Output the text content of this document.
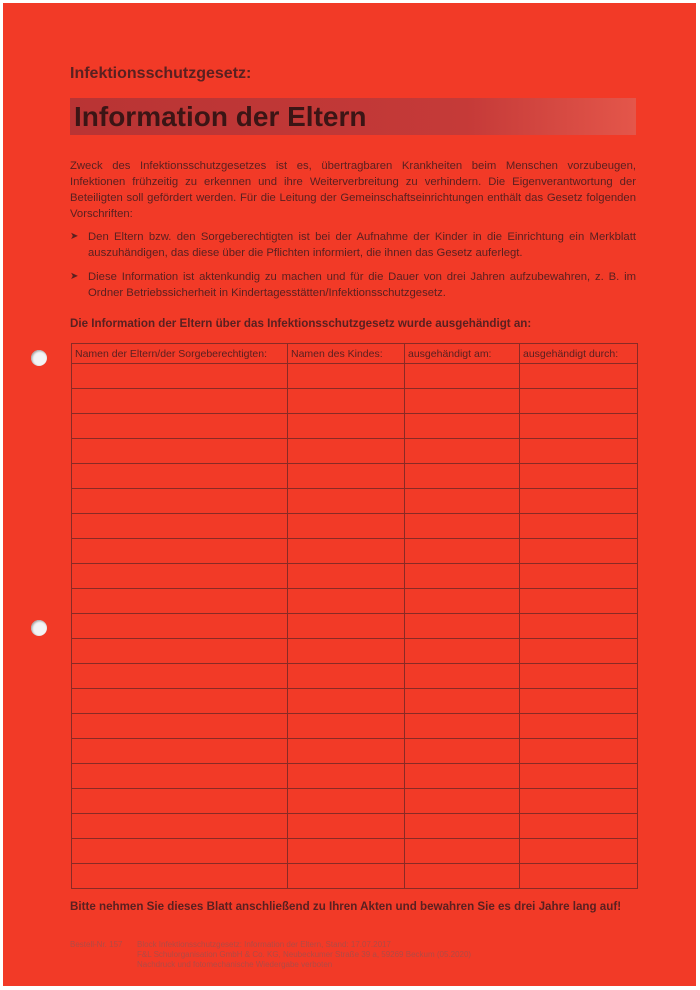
Infektionsschutzgesetz:

Information der Eltern

Zweck des Infektionsschutzgesetzes ist es, übertragbaren Krankheiten beim Menschen vorzubeugen, Infektionen frühzeitig zu erkennen und ihre Weiterverbreitung zu verhindern. Die Eigenverantwortung der Beteiligten soll gefördert werden. Für die Leitung der Gemeinschaftseinrichtungen enthält das Gesetz folgenden Vorschriften:

➤ Den Eltern bzw. den Sorgeberechtigten ist bei der Aufnahme der Kinder in die Einrichtung ein Merkblatt auszuhändigen, das diese über die Pflichten informiert, die ihnen das Gesetz auferlegt.
➤ Diese Information ist aktenkundig zu machen und für die Dauer von drei Jahren aufzubewahren, z. B. im Ordner Betriebssicherheit in Kindertagesstätten/Infektionsschutzgesetz.

Die Information der Eltern über das Infektionsschutzgesetz wurde ausgehändigt an:

Namen der Eltern/der Sorgeberechtigten:	Namen des Kindes:	ausgehändigt am:	ausgehändigt durch:

Bitte nehmen Sie dieses Blatt anschließend zu Ihren Akten und bewahren Sie es drei Jahre lang auf!

Bestell-Nr. 157 Block Infektionsschutzgesetz: Information der Eltern, Stand: 17.07.2017
F&L Schulorganisation GmbH & Co. KG, Neubeckumer Straße 39 a, 59269 Beckum (05.2020)
Nachdruck und fotomechanische Wiedergabe verboten
